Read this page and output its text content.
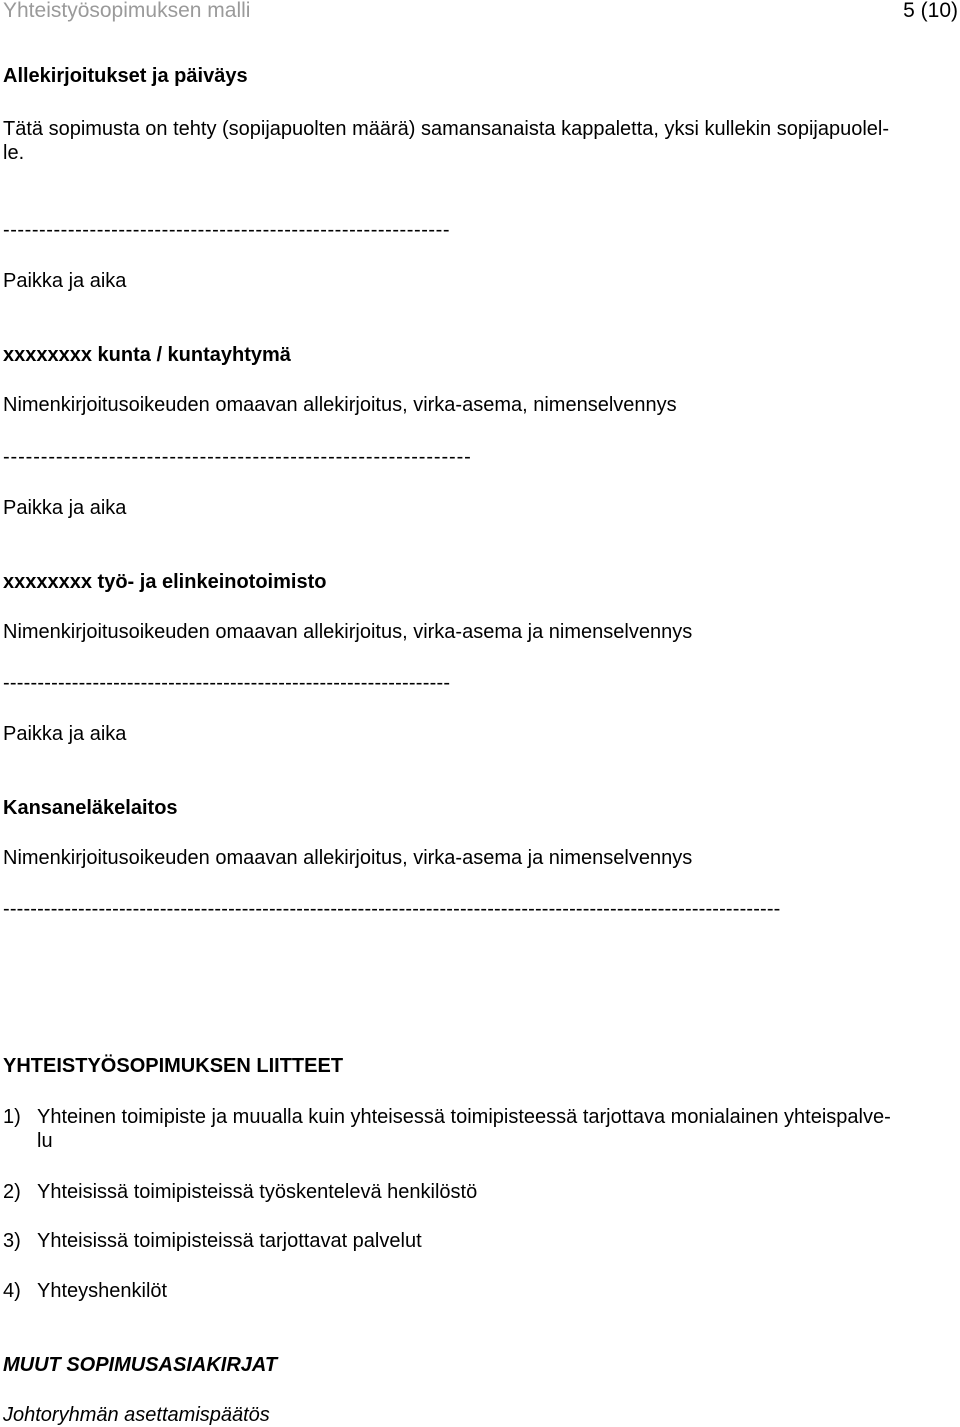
Yhteistyösopimuksen malli	5 (10)
Allekirjoitukset ja päiväys
Tätä sopimusta on tehty (sopijapuolten määrä) samansanaista kappaletta, yksi kullekin sopijapuolel-
le.
--------------------------------------------------------------
Paikka ja aika
xxxxxxxx kunta / kuntayhtymä
Nimenkirjoitusoikeuden omaavan allekirjoitus, virka-asema, nimenselvennys
--------------------------------------------------------------
Paikka ja aika
xxxxxxxx työ- ja elinkeinotoimisto
Nimenkirjoitusoikeuden omaavan allekirjoitus, virka-asema ja nimenselvennys
-----------------------------------------------------------------
Paikka ja aika
Kansaneläkelaitos
Nimenkirjoitusoikeuden omaavan allekirjoitus, virka-asema ja nimenselvennys
------------------------------------------------------------------------------------------------------------------
YHTEISTYÖSOPIMUKSEN LIITTEET
1) Yhteinen toimipiste ja muualla kuin yhteisessä toimipisteessä tarjottava monialainen yhteispalve-
lu
2) Yhteisissä toimipisteissä työskentelevä henkilöstö
3) Yhteisissä toimipisteissä tarjottavat palvelut
4) Yhteyshenkilöt
MUUT SOPIMUSASIAKIRJAT
Johtoryhmän asettamispäätös
